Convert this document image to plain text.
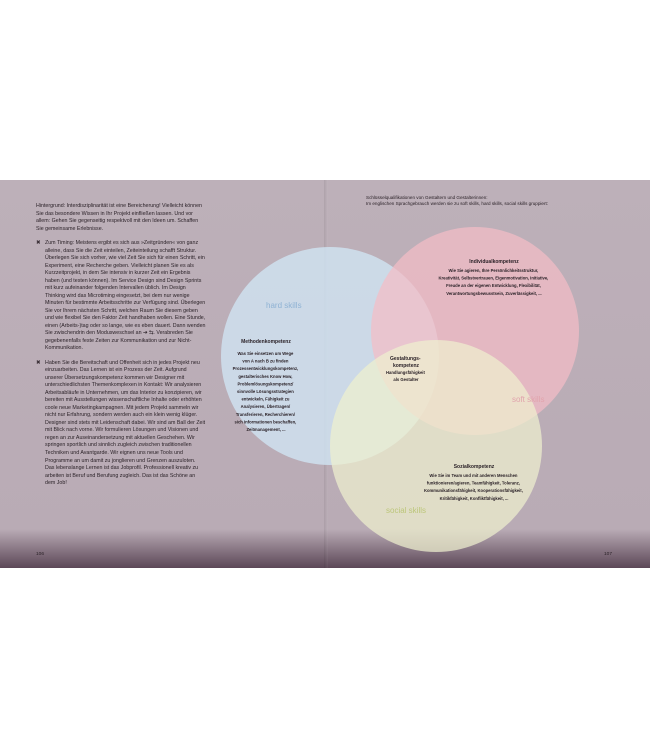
Hintergrund: Interdisziplinarität ist eine Bereicherung! Vielleicht können Sie das besondere Wissen in Ihr Projekt einfließen lassen. Und vor allem: Gehen Sie gegenseitig respektvoll mit den Ideen um. Schaffen Sie gemeinsame Erlebnisse.

✖ Zum Timing: Meistens ergibt es sich aus »Zeitgründen« von ganz alleine, dass Sie die Zeit einteilen, Zeiteinteilung schafft Struktur. Überlegen Sie sich vorher, wie viel Zeit Sie sich für einen Schritt, ein Experiment, eine Recherche geben. Vielleicht planen Sie es als Kurzzeitprojekt, in dem Sie intensiv in kurzer Zeit ein Ergebnis haben (und testen können). Im Service Design sind Design Sprints mit kurz aufeinander folgenden Intervallen üblich. Im Design Thinking wird das Microtiming eingesetzt, bei dem nur wenige Minuten für bestimmte Arbeitsschritte zur Verfügung sind. Überlegen Sie vor Ihrem nächsten Schritt, welchen Raum Sie diesem geben und wie flexibel Sie den Faktor Zeit handhaben wollen. Eine Stunde, einen (Arbeits-)tag oder so lange, wie es eben dauert. Dann wenden Sie zwischendrin den Modusweschsel an ➔ ⇆. Verabreden Sie gegebenenfalls feste Zeiten zur Kommunikation und zur Nicht-Kommunikation.

✖ Haben Sie die Bereitschaft und Offenheit sich in jedes Projekt neu einzuarbeiten. Das Lernen ist ein Prozess der Zeit. Aufgrund unserer Übersetzungskompetenz kommen wir Designer mit unterschiedlichsten Themenkomplexen in Kontakt: Wir analysieren Arbeitsabläufe in Unternehmen, um das Interior zu konzipieren, wir bereiten mit Ausstellungen wissenschaftliche Inhalte oder erhöhten coole neue Marketingkampagnen. Mit jedem Projekt sammeln wir nicht nur Erfahrung, sondern werden auch ein klein wenig klüger. Designer sind stets mit Leidenschaft dabei. Wir sind am Ball der Zeit mit Blick nach vorne. Wir formulieren Lösungen und Visionen und regen an zur Auseinandersetzung mit aktuellen Geschehen. Wir springen sportlich und sinnlich zugleich zwischen traditionellen Techniken und Avantgarde. Wir eignen uns neue Tools und Programme an um damit zu jonglieren und Grenzen auszuloten. Das lebenslange Lernen ist das Jobprofil. Professionell kreativ zu arbeiten ist Beruf und Berufung zugleich. Das ist das Schöne an dem Job!

106	107
Schlüsselqualifikationen von Gestaltern und Gestalterinnen:
Im englischen Sprachgebrauch werden sie zu soft skills, hard skills, social skills gruppiert:
hard skills
soft skills
social skills
Methodenkompetenz
Was Sie einsetzen um Wege von A nach B zu finden Prozessentwicklungskompetenz, gestalterisches Know How, Problemlösungskompetenz/ sinnvolle Lösungsstrategien entwickeln, Fähigkeit zu Analysieren, Übertragen/ Transferieren, Recherchieren/ sich Informationen beschaffen, Zeitmanagement, ...
Individualkompetenz
Wie Sie agieren, Ihre Persönlichkeitsstruktur, Kreativität, Selbstvertrauen, Eigenmotivation, Initiative, Freude an der eigenen Entwicklung, Flexibilität, Verantwortungsbewusstsein, Zuverlässigkeit, ...
Gestaltungs- kompetenz
Handlungsfähigkeit als Gestalter
Sozialkompetenz
Wie Sie im Team und mit anderen Menschen funktionieren/agieren, Teamfähigkeit, Toleranz, Kommunikationsfähigkeit, Kooperationsfähigkeit, Kritikfähigkeit, Konfliktfähigkeit, ...
